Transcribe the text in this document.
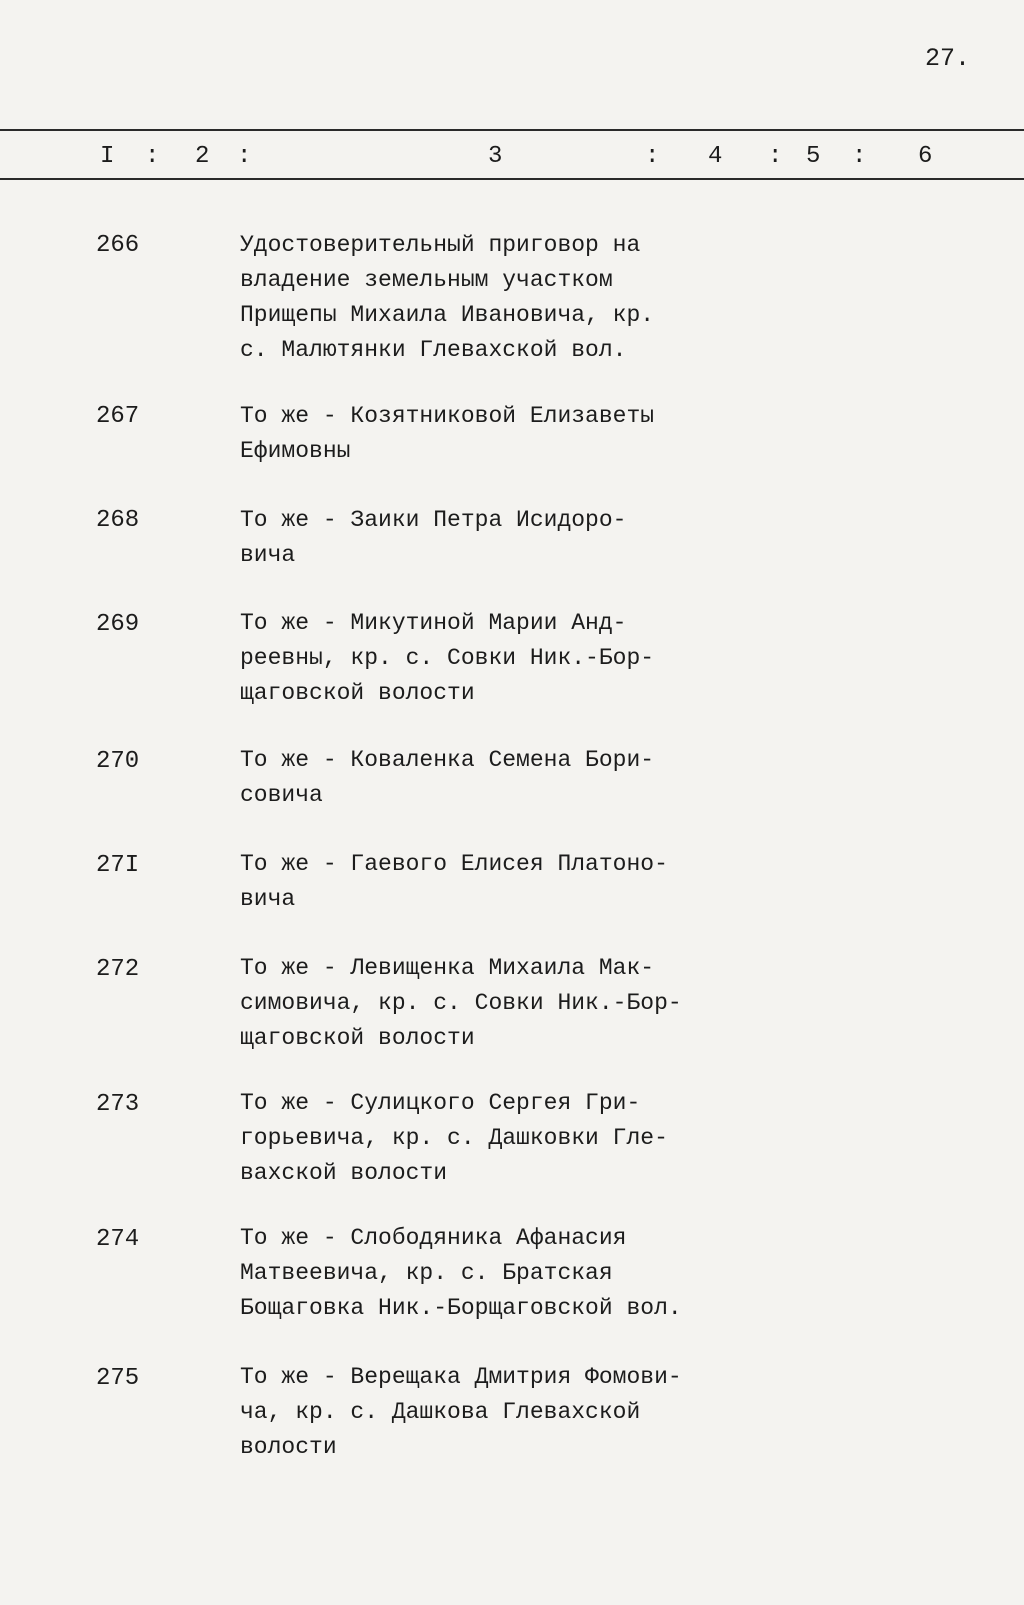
27.
I : 2 :	3	: 4 : 5 : 6
266	Удостоверительный приговор на
владение земельным участком
Прищепы Михаила Ивановича, кр.
с. Малютянки Глевахской вол.
267	То же - Козятниковой Елизаветы
Ефимовны
268	То же - Заики Петра Исидоро-
вича
269	То же - Микутиной Марии Анд-
реевны, кр. с. Совки Ник.-Бор-
щаговской волости
270	То же - Коваленка Семена Бори-
совича
27I	То же - Гаевого Елисея Платоно-
вича
272	То же - Левищенка Михаила Мак-
симовича, кр. с. Совки Ник.-Бор-
щаговской волости
273	То же - Сулицкого Сергея Гри-
горьевича, кр. с. Дашковки Гле-
вахской волости
274	То же - Слободяника Афанасия
Матвеевича, кр. с. Братская
Бощаговка Ник.-Борщаговской вол.
275	То же - Верещака Дмитрия Фомови-
ча, кр. с. Дашкова Глевахской
волости
